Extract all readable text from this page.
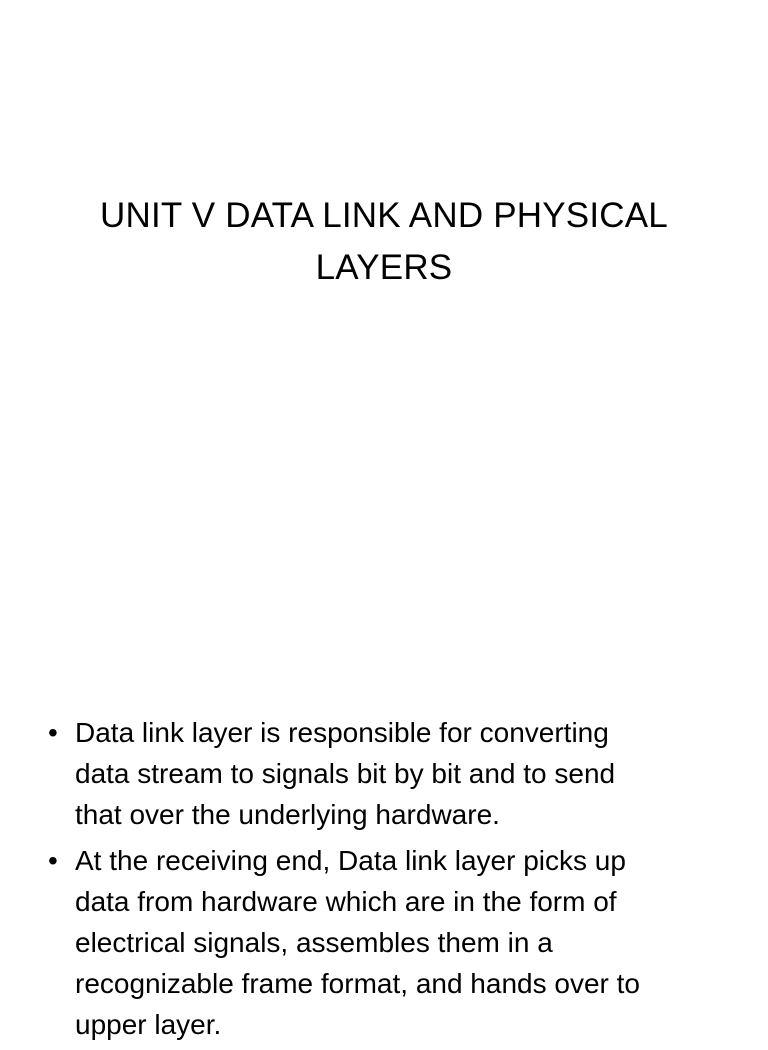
UNIT V DATA LINK AND PHYSICAL
LAYERS
• Data link layer is responsible for converting
data stream to signals bit by bit and to send
that over the underlying hardware.

• At the receiving end, Data link layer picks up
data from hardware which are in the form of
electrical signals, assembles them in a
recognizable frame format, and hands over to
upper layer.
